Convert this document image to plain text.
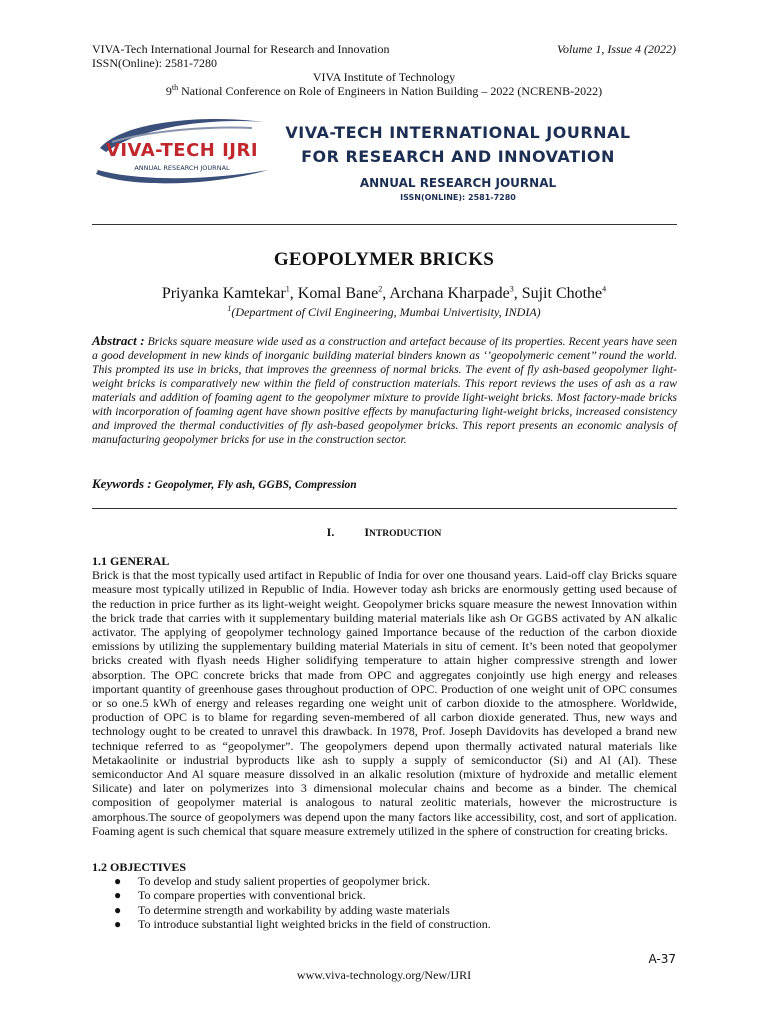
VIVA-Tech International Journal for Research and Innovation	Volume 1, Issue 4 (2022)
ISSN(Online): 2581-7280
VIVA Institute of Technology
9th National Conference on Role of Engineers in Nation Building – 2022 (NCRENB-2022)
VIVA-TECH IJRI
ANNUAL RESEARCH JOURNAL
VIVA-TECH INTERNATIONAL JOURNAL
FOR RESEARCH AND INNOVATION
ANNUAL RESEARCH JOURNAL
ISSN(ONLINE): 2581-7280
GEOPOLYMER BRICKS
Priyanka Kamtekar$^1$, Komal Bane$^2$, Archana Kharpade$^3$, Sujit Chothe$^4$
$^1$(Department of Civil Engineering, Mumbai Univertisity, INDIA)
Abstract : Bricks square measure wide used as a construction and artefact because of its properties. Recent years have seen a good development in new kinds of inorganic building material binders known as ‘’geopolymeric cement’’ round the world. This prompted its use in bricks, that improves the greenness of normal bricks. The event of fly ash-based geopolymer light-weight bricks is comparatively new within the field of construction materials. This report reviews the uses of ash as a raw materials and addition of foaming agent to the geopolymer mixture to provide light-weight bricks. Most factory-made bricks with incorporation of foaming agent have shown positive effects by manufacturing light-weight bricks, increased consistency and improved the thermal conductivities of fly ash-based geopolymer bricks. This report presents an economic analysis of manufacturing geopolymer bricks for use in the construction sector.
Keywords : Geopolymer, Fly ash, GGBS, Compression
I.	INTRODUCTION
1.1 GENERAL
Brick is that the most typically used artifact in Republic of India for over one thousand years. Laid-off clay Bricks square measure most typically utilized in Republic of India. However today ash bricks are enormously getting used because of the reduction in price further as its light-weight weight. Geopolymer bricks square measure the newest Innovation within the brick trade that carries with it supplementary building material materials like ash Or GGBS activated by AN alkalic activator. The applying of geopolymer technology gained Importance because of the reduction of the carbon dioxide emissions by utilizing the supplementary building material Materials in situ of cement. It’s been noted that geopolymer bricks created with flyash needs Higher solidifying temperature to attain higher compressive strength and lower absorption. The OPC concrete bricks that made from OPC and aggregates conjointly use high energy and releases important quantity of greenhouse gases throughout production of OPC. Production of one weight unit of OPC consumes or so one.5 kWh of energy and releases regarding one weight unit of carbon dioxide to the atmosphere. Worldwide, production of OPC is to blame for regarding seven-membered of all carbon dioxide generated. Thus, new ways and technology ought to be created to unravel this drawback. In 1978, Prof. Joseph Davidovits has developed a brand new technique referred to as “geopolymer”. The geopolymers depend upon thermally activated natural materials like Metakaolinite or industrial byproducts like ash to supply a supply of semiconductor (Si) and Al (Al). These semiconductor And Al square measure dissolved in an alkalic resolution (mixture of hydroxide and metallic element Silicate) and later on polymerizes into 3 dimensional molecular chains and become as a binder. The chemical composition of geopolymer material is analogous to natural zeolitic materials, however the microstructure is amorphous.The source of geopolymers was depend upon the many factors like accessibility, cost, and sort of application. Foaming agent is such chemical that square measure extremely utilized in the sphere of construction for creating bricks.
1.2 OBJECTIVES
● To develop and study salient properties of geopolymer brick.
● To compare properties with conventional brick.
● To determine strength and workability by adding waste materials
● To introduce substantial light weighted bricks in the field of construction.
A-37
www.viva-technology.org/New/IJRI
